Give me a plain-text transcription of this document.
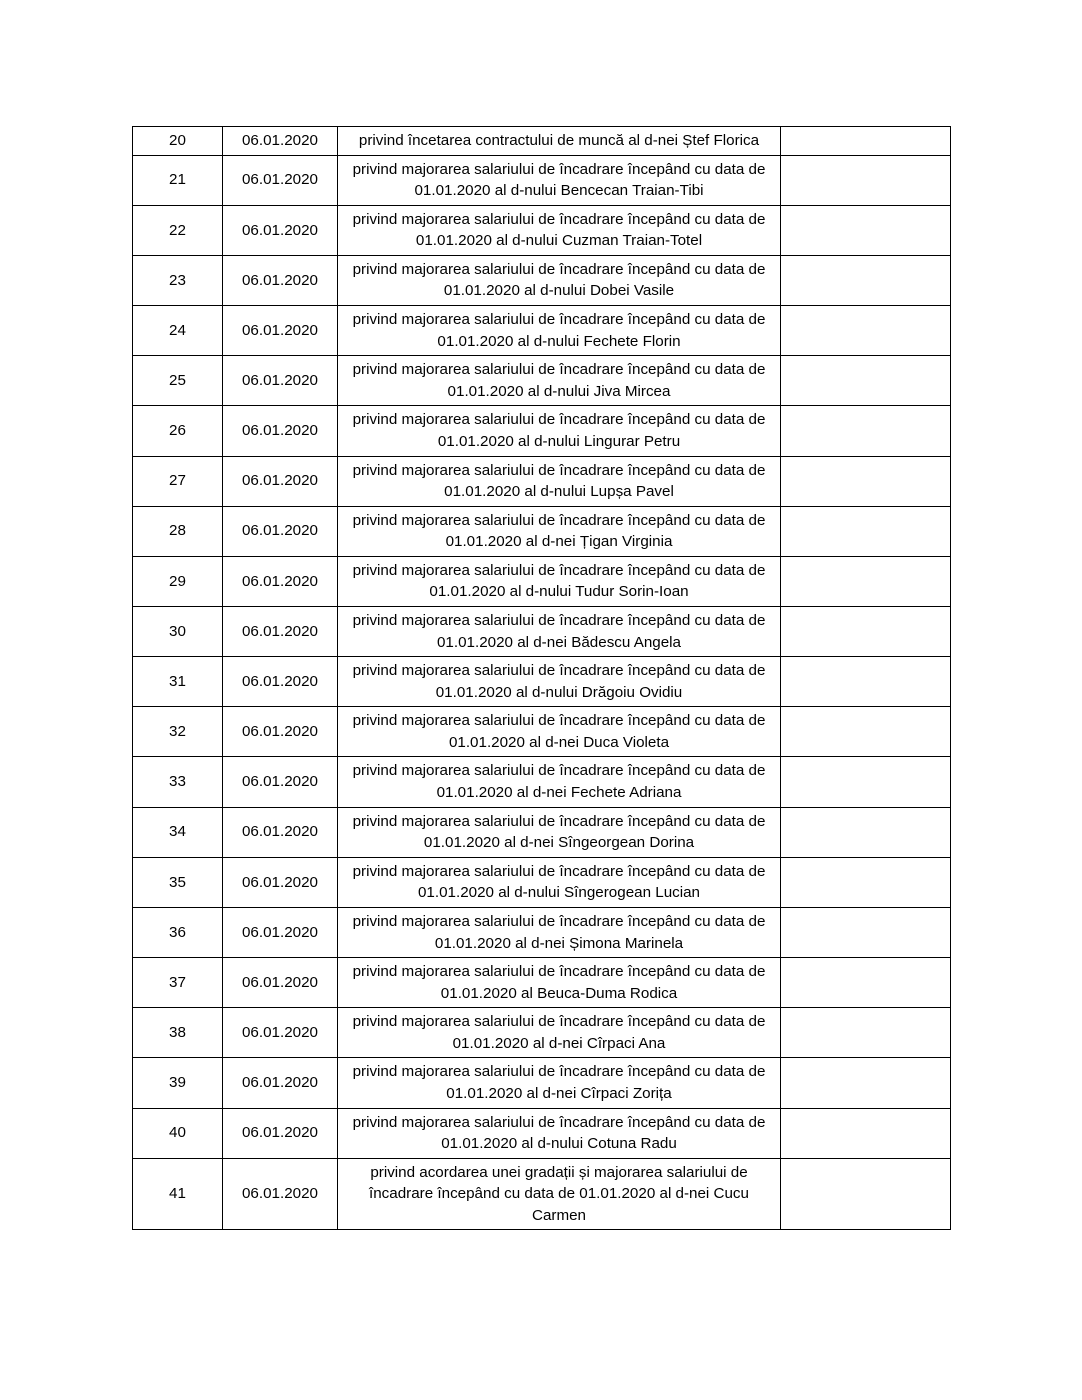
20	06.01.2020	privind încetarea contractului de muncă al d-nei Ștef Florica	
21	06.01.2020	privind majorarea salariului de încadrare începând cu data de 01.01.2020 al d-nului Bencecan Traian-Tibi	
22	06.01.2020	privind majorarea salariului de încadrare începând cu data de 01.01.2020 al d-nului Cuzman Traian-Totel	
23	06.01.2020	privind majorarea salariului de încadrare începând cu data de 01.01.2020 al d-nului Dobei Vasile	
24	06.01.2020	privind majorarea salariului de încadrare începând cu data de 01.01.2020 al d-nului Fechete Florin	
25	06.01.2020	privind majorarea salariului de încadrare începând cu data de 01.01.2020 al d-nului Jiva Mircea	
26	06.01.2020	privind majorarea salariului de încadrare începând cu data de 01.01.2020 al d-nului Lingurar Petru	
27	06.01.2020	privind majorarea salariului de încadrare începând cu data de 01.01.2020 al d-nului Lupșa Pavel	
28	06.01.2020	privind majorarea salariului de încadrare începând cu data de 01.01.2020 al d-nei Țigan Virginia	
29	06.01.2020	privind majorarea salariului de încadrare începând cu data de 01.01.2020 al d-nului Tudur Sorin-Ioan	
30	06.01.2020	privind majorarea salariului de încadrare începând cu data de 01.01.2020 al d-nei Bădescu Angela	
31	06.01.2020	privind majorarea salariului de încadrare începând cu data de 01.01.2020 al d-nului Drăgoiu Ovidiu	
32	06.01.2020	privind majorarea salariului de încadrare începând cu data de 01.01.2020 al d-nei Duca Violeta	
33	06.01.2020	privind majorarea salariului de încadrare începând cu data de 01.01.2020 al d-nei Fechete Adriana	
34	06.01.2020	privind majorarea salariului de încadrare începând cu data de 01.01.2020 al d-nei Sîngeorgean Dorina	
35	06.01.2020	privind majorarea salariului de încadrare începând cu data de 01.01.2020 al d-nului Sîngerogean Lucian	
36	06.01.2020	privind majorarea salariului de încadrare începând cu data de 01.01.2020 al d-nei Șimona Marinela	
37	06.01.2020	privind majorarea salariului de încadrare începând cu data de 01.01.2020 al Beuca-Duma Rodica	
38	06.01.2020	privind majorarea salariului de încadrare începând cu data de 01.01.2020 al d-nei Cîrpaci Ana	
39	06.01.2020	privind majorarea salariului de încadrare începând cu data de 01.01.2020 al d-nei Cîrpaci Zorița	
40	06.01.2020	privind majorarea salariului de încadrare începând cu data de 01.01.2020 al d-nului Cotuna Radu	
41	06.01.2020	privind acordarea unei gradații și majorarea salariului de încadrare începând cu data de 01.01.2020 al d-nei Cucu Carmen	
